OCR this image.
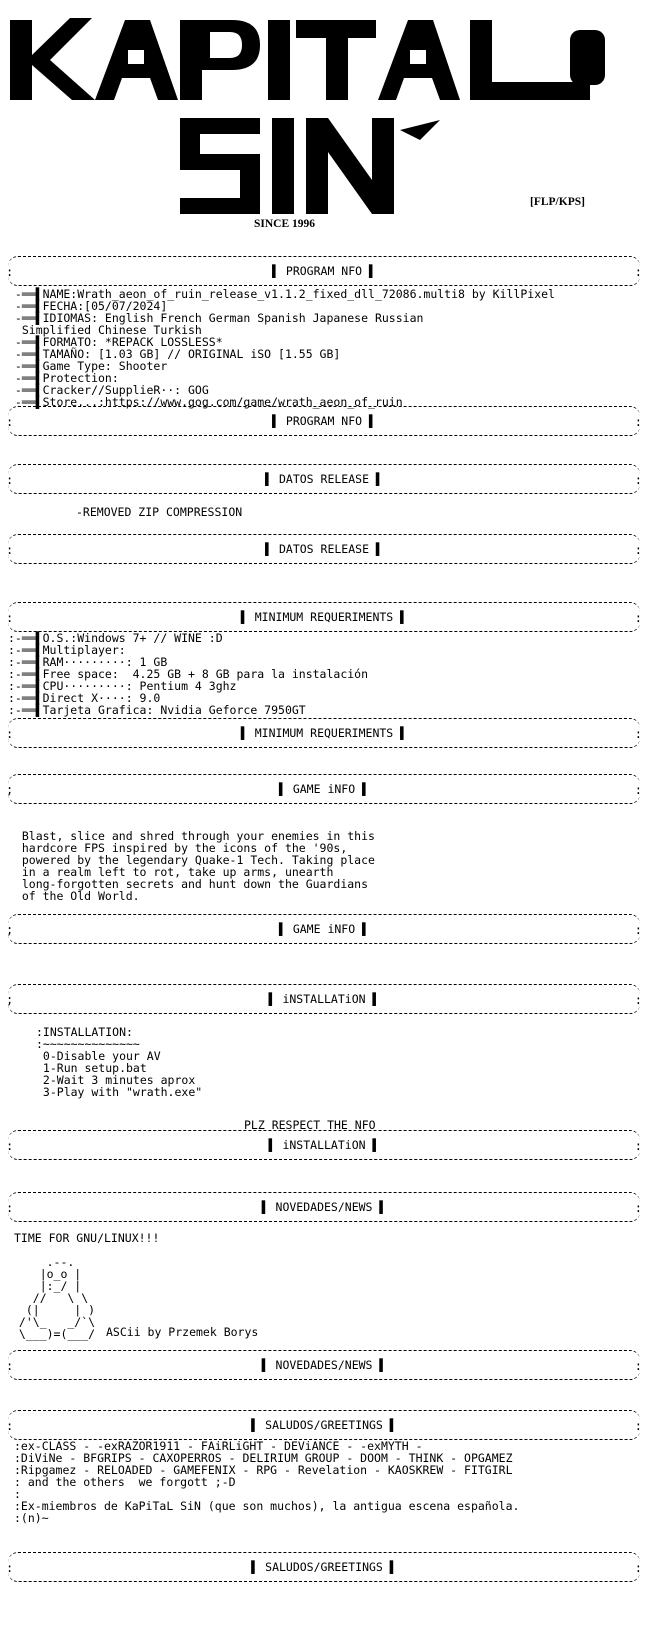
[FLP/KPS]
SINCE 1996
:	:
▌ PROGRAM NFO ▌
-══▌NAME:Wrath_aeon_of_ruin_release_v1.1.2_fixed_dll_72086.multi8 by KillPixel
-══▌FECHA:[05/07/2024]
-══▌IDIOMAS: English French German Spanish Japanese Russian
Simplified Chinese Turkish
-══▌FORMATO: *REPACK LOSSLESS*
-══▌TAMAÑO: [1.03 GB] // ORIGINAL iSO [1.55 GB]
-══▌Game Type: Shooter
-══▌Protection:
-══▌Cracker//SupplieR··: GOG
-══▌Store...:https://www.gog.com/game/wrath_aeon_of_ruin
:	:
▌ PROGRAM NFO ▌
:	:
▌ DATOS RELEASE ▌
-REMOVED ZIP COMPRESSION
:	:
▌ DATOS RELEASE ▌
:	:
▌ MINIMUM REQUERIMENTS ▌
:-══▌O.S.:Windows 7+ // WINE :D
:-══▌Multiplayer:
:-══▌RAM·········: 1 GB
:-══▌Free space:  4.25 GB + 8 GB para la instalación
:-══▌CPU·········: Pentium 4 3ghz
:-══▌Direct X····: 9.0
:-══▌Tarjeta Grafica: Nvidia Geforce 7950GT
:	:
▌ MINIMUM REQUERIMENTS ▌
;	:
▌ GAME iNFO ▌
Blast, slice and shred through your enemies in this
hardcore FPS inspired by the icons of the '90s,
powered by the legendary Quake-1 Tech. Taking place
in a realm left to rot, take up arms, unearth
long-forgotten secrets and hunt down the Guardians
of the Old World.
;	:
▌ GAME iNFO ▌
;	:
▌ iNSTALLATiON ▌
:INSTALLATION:
:~~~~~~~~~~~~~~
0-Disable your AV
1-Run setup.bat
2-Wait 3 minutes aprox
3-Play with "wrath.exe"
PLZ RESPECT THE NFO
:	:
▌ iNSTALLATiON ▌
:	:
▌ NOVEDADES/NEWS ▌
TIME FOR GNU/LINUX!!!
.--.
|o_o |
|:_/ |
//   \ \
(|     | )
/'\_   _/`\
\___)=(___/ ASCii by Przemek Borys
:	:
▌ NOVEDADES/NEWS ▌
:	:
▌ SALUDOS/GREETINGS ▌
:ex-CLASS - -exRAZOR1911 - FAiRLiGHT - DEViANCE - -exMYTH -
:DiViNe - BFGRIPS - CAXOPERROS - DELIRIUM GROUP - DOOM - THINK - OPGAMEZ
:Ripgamez - RELOADED - GAMEFENIX - RPG - Revelation - KAOSKREW - FITGIRL
: and the others  we forgott ;-D
:
:Ex-miembros de KaPiTaL SiN (que son muchos), la antigua escena española.
:(n)~
:	:
▌ SALUDOS/GREETINGS ▌
